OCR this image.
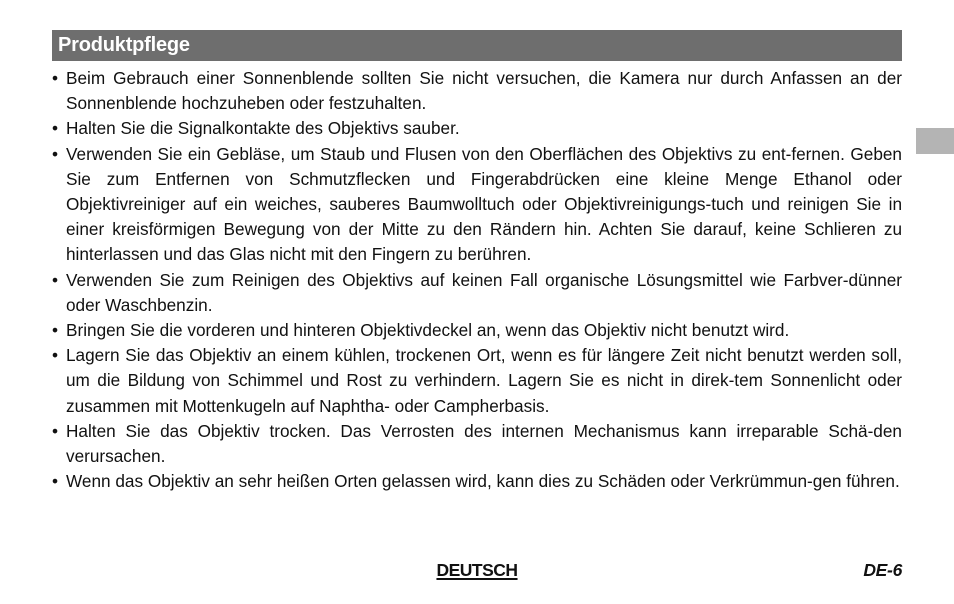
Produktpflege
• Beim Gebrauch einer Sonnenblende sollten Sie nicht versuchen, die Kamera nur durch Anfassen an der Sonnenblende hochzuheben oder festzuhalten.
• Halten Sie die Signalkontakte des Objektivs sauber.
• Verwenden Sie ein Gebläse, um Staub und Flusen von den Oberflächen des Objektivs zu ent-fernen. Geben Sie zum Entfernen von Schmutzflecken und Fingerabdrücken eine kleine Menge Ethanol oder Objektivreiniger auf ein weiches, sauberes Baumwolltuch oder Objektivreinigungs-tuch und reinigen Sie in einer kreisförmigen Bewegung von der Mitte zu den Rändern hin. Achten Sie darauf, keine Schlieren zu hinterlassen und das Glas nicht mit den Fingern zu berühren.
• Verwenden Sie zum Reinigen des Objektivs auf keinen Fall organische Lösungsmittel wie Farbver-dünner oder Waschbenzin.
• Bringen Sie die vorderen und hinteren Objektivdeckel an, wenn das Objektiv nicht benutzt wird.
• Lagern Sie das Objektiv an einem kühlen, trockenen Ort, wenn es für längere Zeit nicht benutzt werden soll, um die Bildung von Schimmel und Rost zu verhindern. Lagern Sie es nicht in direk-tem Sonnenlicht oder zusammen mit Mottenkugeln auf Naphtha- oder Campherbasis.
• Halten Sie das Objektiv trocken. Das Verrosten des internen Mechanismus kann irreparable Schä-den verursachen.
• Wenn das Objektiv an sehr heißen Orten gelassen wird, kann dies zu Schäden oder Verkrümmun-gen führen.
DEUTSCH	DE-6
